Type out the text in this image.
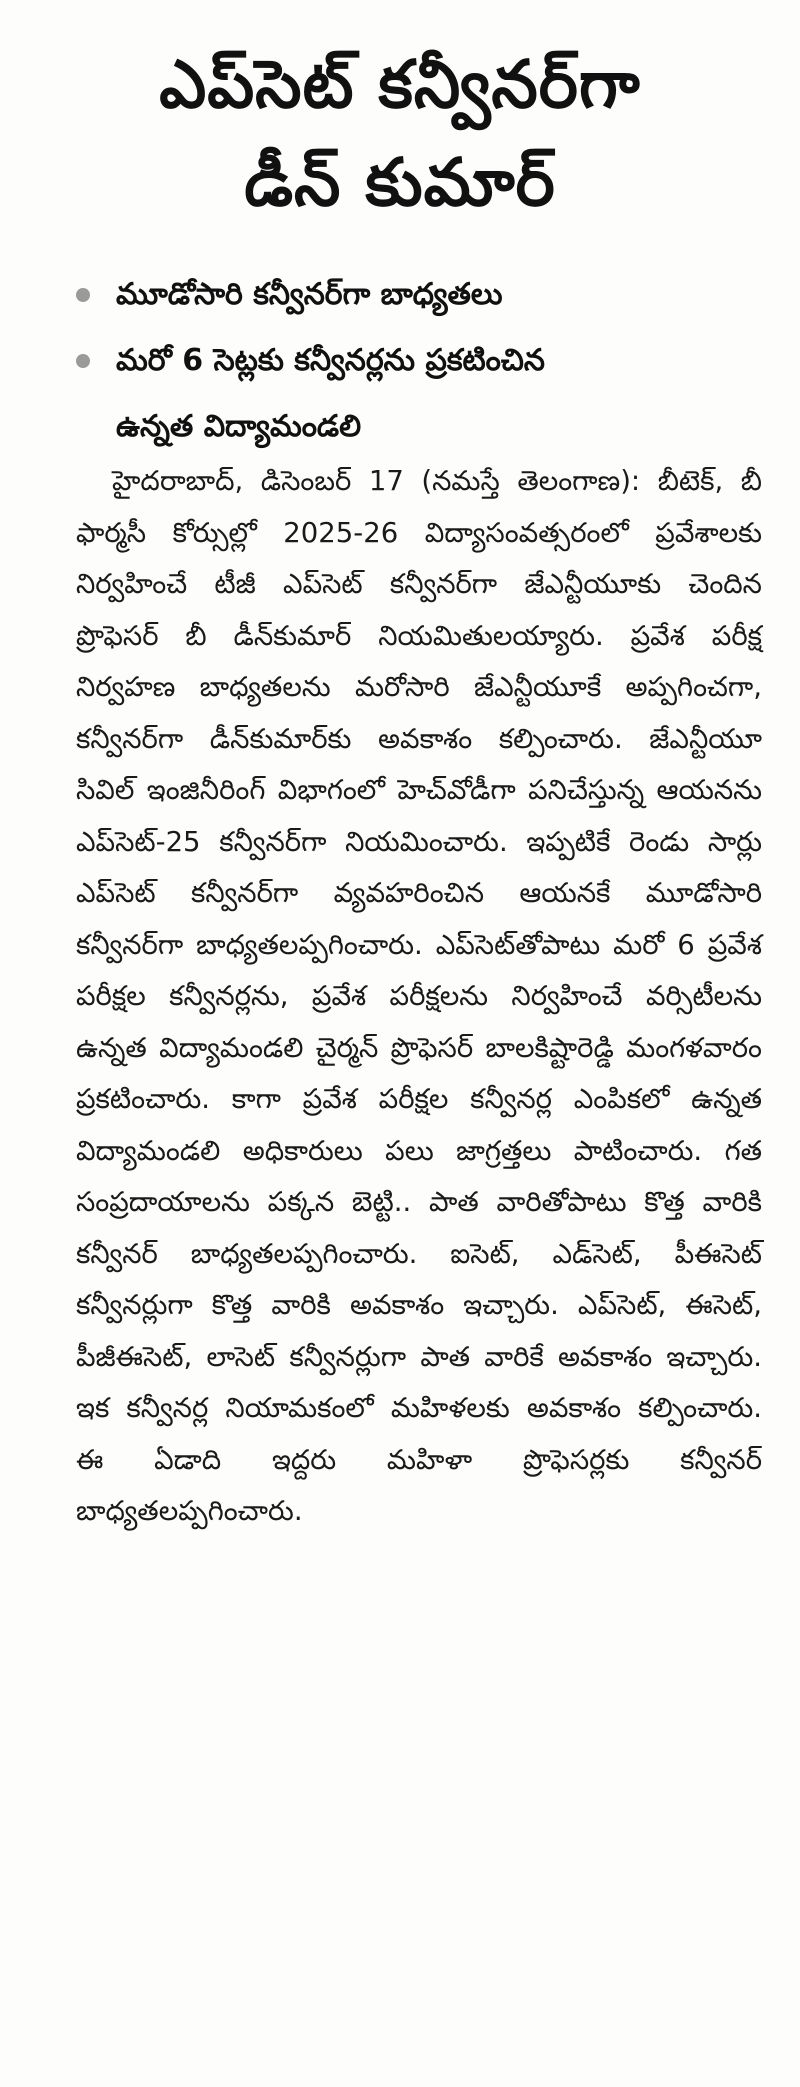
ఎప్‌సెట్ కన్వీనర్‌గా
డీన్ కుమార్
మూడోసారి కన్వీనర్‌గా బాధ్యతలు
మరో 6 సెట్లకు కన్వీనర్లను ప్రకటించిన
ఉన్నత విద్యామండలి
హైదరాబాద్, డిసెంబర్ 17 (నమస్తే తెలంగాణ): బీటెక్, బీ ఫార్మసీ కోర్సుల్లో 2025-26 విద్యాసంవత్సరంలో ప్రవేశాలకు నిర్వహించే టీజీ ఎప్‌సెట్ కన్వీనర్‌గా జేఎన్టీయూకు చెందిన ప్రొఫెసర్ బీ డీన్‌కుమార్ నియమితులయ్యారు. ప్రవేశ పరీక్ష నిర్వహణ బాధ్యతలను మరోసారి జేఎన్టీయూకే అప్పగించగా, కన్వీనర్‌గా డీన్‌కుమార్‌కు అవకాశం కల్పించారు. జేఎన్టీయూ సివిల్ ఇంజినీరింగ్ విభాగంలో హెచ్‌వోడీగా పనిచేస్తున్న ఆయనను ఎప్‌సెట్-25 కన్వీనర్‌గా నియమించారు. ఇప్పటికే రెండు సార్లు ఎప్‌సెట్ కన్వీనర్‌గా వ్యవహరించిన ఆయనకే మూడోసారి కన్వీనర్‌గా బాధ్యతలప్పగించారు. ఎప్‌సెట్‌తోపాటు మరో 6 ప్రవేశ పరీక్షల కన్వీనర్లను, ప్రవేశ పరీక్షలను నిర్వహించే వర్సిటీలను ఉన్నత విద్యామండలి చైర్మన్ ప్రొఫెసర్ బాలకిష్టారెడ్డి మంగళవారం ప్రకటించారు. కాగా ప్రవేశ పరీక్షల కన్వీనర్ల ఎంపికలో ఉన్నత విద్యామండలి అధికారులు పలు జాగ్రత్తలు పాటించారు. గత సంప్రదాయాలను పక్కన బెట్టి.. పాత వారితోపాటు కొత్త వారికి కన్వీనర్ బాధ్యతలప్పగించారు. ఐసెట్, ఎడ్‌సెట్, పీఈసెట్ కన్వీనర్లుగా కొత్త వారికి అవకాశం ఇచ్చారు. ఎప్‌సెట్, ఈసెట్, పీజీఈసెట్, లాసెట్ కన్వీనర్లుగా పాత వారికే అవకాశం ఇచ్చారు. ఇక కన్వీనర్ల నియామకంలో మహిళలకు అవకాశం కల్పించారు. ఈ ఏడాది ఇద్దరు మహిళా ప్రొఫెసర్లకు కన్వీనర్ బాధ్యతలప్పగించారు.
